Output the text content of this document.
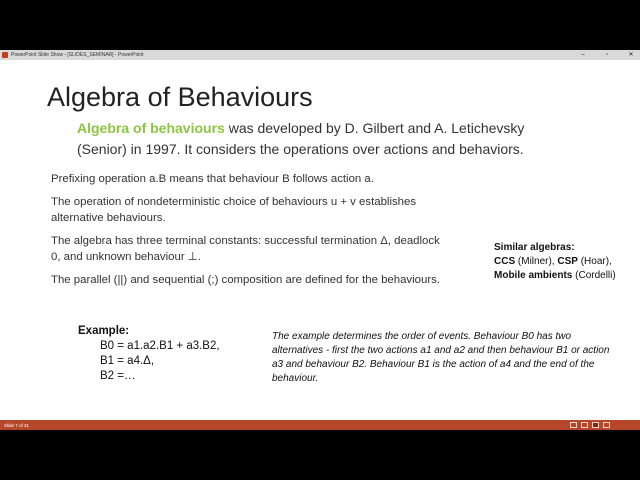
PowerPoint Slide Show - [SLIDES_SEMINAR] - PowerPoint	–	▫	✕
Algebra of Behaviours
Algebra of behaviours was developed by D. Gilbert and A. Letichevsky (Senior) in 1997. It considers the operations over actions and behaviors.

Prefixing operation a.B means that behaviour B follows action a.

The operation of nondeterministic choice of behaviours u + v establishes alternative behaviours.

The algebra has three terminal constants: successful termination Δ, deadlock 0, and unknown behaviour ⊥.

The parallel (||) and sequential (;) composition are defined for the behaviours.

Similar algebras:
CCS (Milner), CSP (Hoar),
Mobile ambients (Cordelli)
Example:
B0 = a1.a2.B1 + a3.B2,
B1 = a4.Δ,
B2 =…
The example determines the order of events. Behaviour B0 has two alternatives - first the two actions a1 and a2 and then behaviour B1 or action a3 and behaviour B2. Behaviour B1 is the action of a4 and the end of the behaviour.
Slide 7 of 31
